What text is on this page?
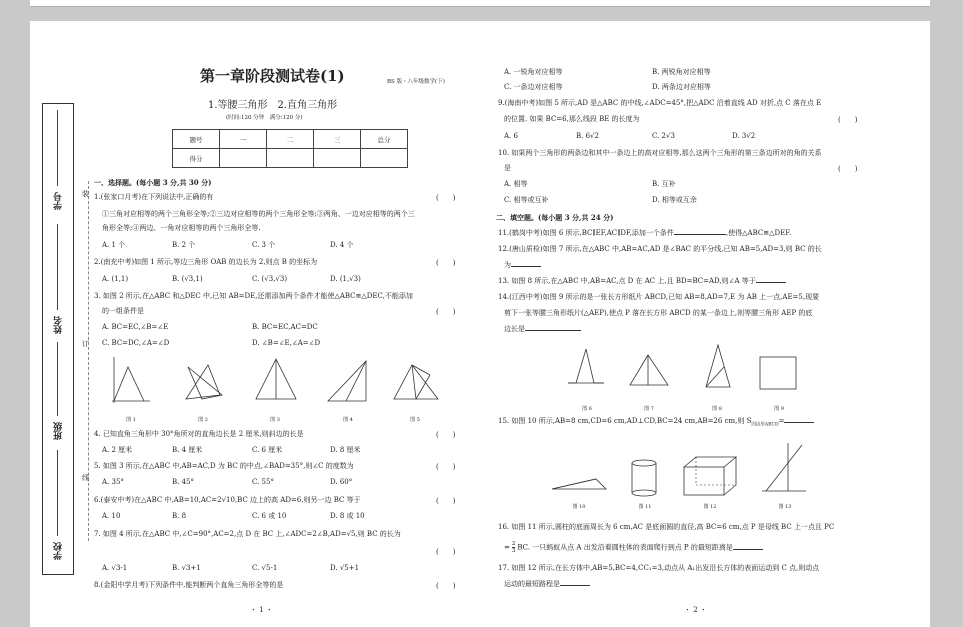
学号
姓名
班级
学校
装
订
线
第一章阶段测试卷(1)	BS 版・八年级数学(下)
1.等腰三角形　2.直角三角形
(时间:120 分钟　满分:120 分)
题号	一	二	三	总分
得分				
一、选择题。(每小题 3 分,共 30 分)
1.(张家口月考)在下列说法中,正确的有	(　　)
①三角对应相等的两个三角形全等;②三边对应相等的两个三角形全等;③两角、一边对应相等的两个三
角形全等;④两边、一角对应相等的两个三角形全等.
A. 1 个	B. 2 个	C. 3 个	D. 4 个
2.(南充中考)如图 1 所示,等边三角形 OAB 的边长为 2,则点 B 的坐标为	(　　)
A. (1,1)	B. (√3,1)	C. (√3,√3)	D. (1,√3)
3. 如图 2 所示,在△ABC 和△DEC 中,已知 AB=DE,还需添加两个条件才能使△ABC≌△DEC,不能添加
的一组条件是	(　　)
A. BC=EC,∠B=∠E	B. BC=EC,AC=DC
C. BC=DC,∠A=∠D	D. ∠B=∠E,∠A=∠D
图 1	图 2	图 3	图 4	图 5
4. 已知直角三角形中 30°角所对的直角边长是 2 厘米,则斜边的长是	(　　)
A. 2 厘米	B. 4 厘米	C. 6 厘米	D. 8 厘米
5. 如图 3 所示,在△ABC 中,AB=AC,D 为 BC 的中点,∠BAD=35°,则∠C 的度数为	(　　)
A. 35°	B. 45°	C. 55°	D. 60°
6.(泰安中考)在△ABC 中,AB=10,AC=2√10,BC 边上的高 AD=6,则另一边 BC 等于	(　　)
A. 10	B. 8	C. 6 或 10	D. 8 或 10
7. 如图 4 所示,在△ABC 中,∠C=90°,AC=2,点 D 在 BC 上,∠ADC=2∠B,AD=√5,则 BC 的长为
(　　)
A. √3-1	B. √3+1	C. √5-1	D. √5+1
8.(金阳中学月考)下列条件中,能判断两个直角三角形全等的是	(　　)
・ 1 ・
A. 一锐角对应相等	B. 两锐角对应相等
C. 一条边对应相等	D. 两条边对应相等
9.(海南中考)如图 5 所示,AD 是△ABC 的中线,∠ADC=45°,把△ADC 沿着直线 AD 对折,点 C 落在点 E
的位置. 如果 BC=6,那么线段 BE 的长度为	(　　)
A. 6	B. 6√2	C. 2√3	D. 3√2
10. 如果两个三角形的两条边和其中一条边上的高对应相等,那么这两个三角形的第三条边所对的角的关系
是	(　　)
A. 相等	B. 互补
C. 相等或互补	D. 相等或互余
二、填空题。(每小题 3 分,共 24 分)
11.(鹤岗中考)如图 6 所示,BC∥EF,AC∥DF,添加一个条件	,使得△ABC≌△DEF.
12.(唐山质检)如图 7 所示,在△ABC 中,AB=AC,AD 是∠BAC 的平分线,已知 AB=5,AD=3,则 BC 的长
为
13. 如图 8 所示,在△ABC 中,AB=AC,点 D 在 AC 上,且 BD=BC=AD,则∠A 等于
14.(江西中考)如图 9 所示的是一张长方形纸片 ABCD,已知 AB=8,AD=7,E 为 AB 上一点,AE=5,现要
剪下一张等腰三角形纸片(△AEP),使点 P 落在长方形 ABCD 的某一条边上,则等腰三角形 AEP 的底
边长是
图 6	图 7	图 8	图 9
15. 如图 10 所示,AB=8 cm,CD=6 cm,AD⊥CD,BC=24 cm,AB=26 cm,则 $S_{四边形ABCD}=$
图 10	图 11	图 12	图 13
16. 如图 11 所示,圆柱的底面周长为 6 cm,AC 是底面圆的直径,高 BC=6 cm,点 P 是母线 BC 上一点且 PC
= $\frac{2}{3}$ BC. 一只蚂蚁从点 A 出发沿着圆柱体的表面爬行到点 P 的最短距离是
17. 如图 12 所示,在长方体中,AB=5,BC=4,CC₁=3,动点从 A₁出发沿长方体的表面运动到 C 点,则动点
运动的最短路程是
・ 2 ・
